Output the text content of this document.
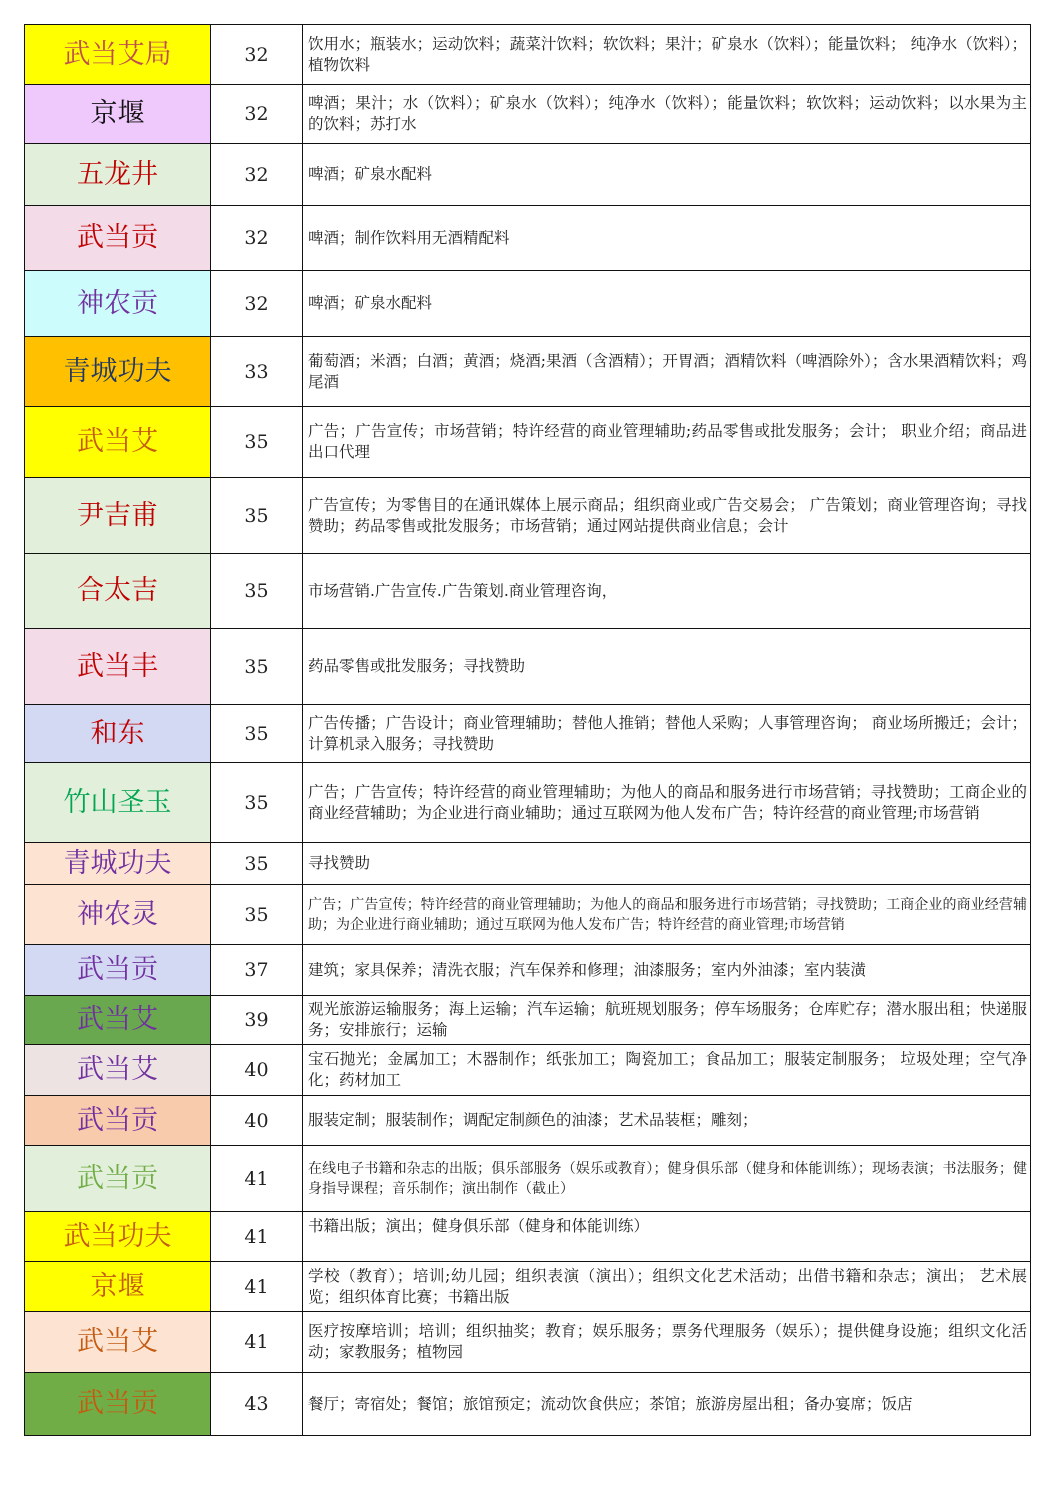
武当艾局	32	饮用水；瓶装水；运动饮料；蔬菜汁饮料；软饮料；果汁；矿泉水（饮料）；能量饮料； 纯净水（饮料）；植物饮料
京堰	32	啤酒；果汁；水（饮料）；矿泉水（饮料）；纯净水（饮料）；能量饮料；软饮料；运动饮料；以水果为主的饮料；苏打水
五龙井	32	啤酒；矿泉水配料
武当贡	32	啤酒；制作饮料用无酒精配料
神农贡	32	啤酒；矿泉水配料
青城功夫	33	葡萄酒；米酒；白酒；黄酒；烧酒;果酒（含酒精）；开胃酒；酒精饮料（啤酒除外）；含水果酒精饮料；鸡尾酒
武当艾	35	广告；广告宣传；市场营销；特许经营的商业管理辅助;药品零售或批发服务；会计； 职业介绍；商品进出口代理
尹吉甫	35	广告宣传；为零售目的在通讯媒体上展示商品；组织商业或广告交易会； 广告策划；商业管理咨询；寻找赞助；药品零售或批发服务；市场营销；通过网站提供商业信息；会计
合太吉	35	市场营销.广告宣传.广告策划.商业管理咨询，
武当丰	35	药品零售或批发服务；寻找赞助
和东	35	广告传播；广告设计；商业管理辅助；替他人推销；替他人采购；人事管理咨询； 商业场所搬迁；会计；计算机录入服务；寻找赞助
竹山圣玉	35	广告；广告宣传；特许经营的商业管理辅助；为他人的商品和服务进行市场营销；寻找赞助；工商企业的商业经营辅助；为企业进行商业辅助；通过互联网为他人发布广告；特许经营的商业管理;市场营销
青城功夫	35	寻找赞助
神农灵	35	广告；广告宣传；特许经营的商业管理辅助；为他人的商品和服务进行市场营销；寻找赞助；工商企业的商业经营辅助；为企业进行商业辅助；通过互联网为他人发布广告；特许经营的商业管理;市场营销
武当贡	37	建筑；家具保养；清洗衣服；汽车保养和修理；油漆服务；室内外油漆；室内装潢
武当艾	39	观光旅游运输服务；海上运输；汽车运输；航班规划服务；停车场服务；仓库贮存；潜水服出租；快递服务；安排旅行；运输
武当艾	40	宝石抛光；金属加工；木器制作；纸张加工；陶瓷加工；食品加工；服装定制服务； 垃圾处理；空气净化；药材加工
武当贡	40	服装定制；服装制作；调配定制颜色的油漆；艺术品装框；雕刻；
武当贡	41	在线电子书籍和杂志的出版；俱乐部服务（娱乐或教育）；健身俱乐部（健身和体能训练）；现场表演；书法服务；健身指导课程；音乐制作；演出制作（截止）
武当功夫	41	书籍出版；演出；健身俱乐部（健身和体能训练）
京堰	41	学校（教育）；培训;幼儿园；组织表演（演出）；组织文化艺术活动；出借书籍和杂志；演出； 艺术展览；组织体育比赛；书籍出版
武当艾	41	医疗按摩培训；培训；组织抽奖；教育；娱乐服务；票务代理服务（娱乐）；提供健身设施；组织文化活动；家教服务；植物园
武当贡	43	餐厅；寄宿处；餐馆；旅馆预定；流动饮食供应；茶馆；旅游房屋出租；备办宴席；饭店
